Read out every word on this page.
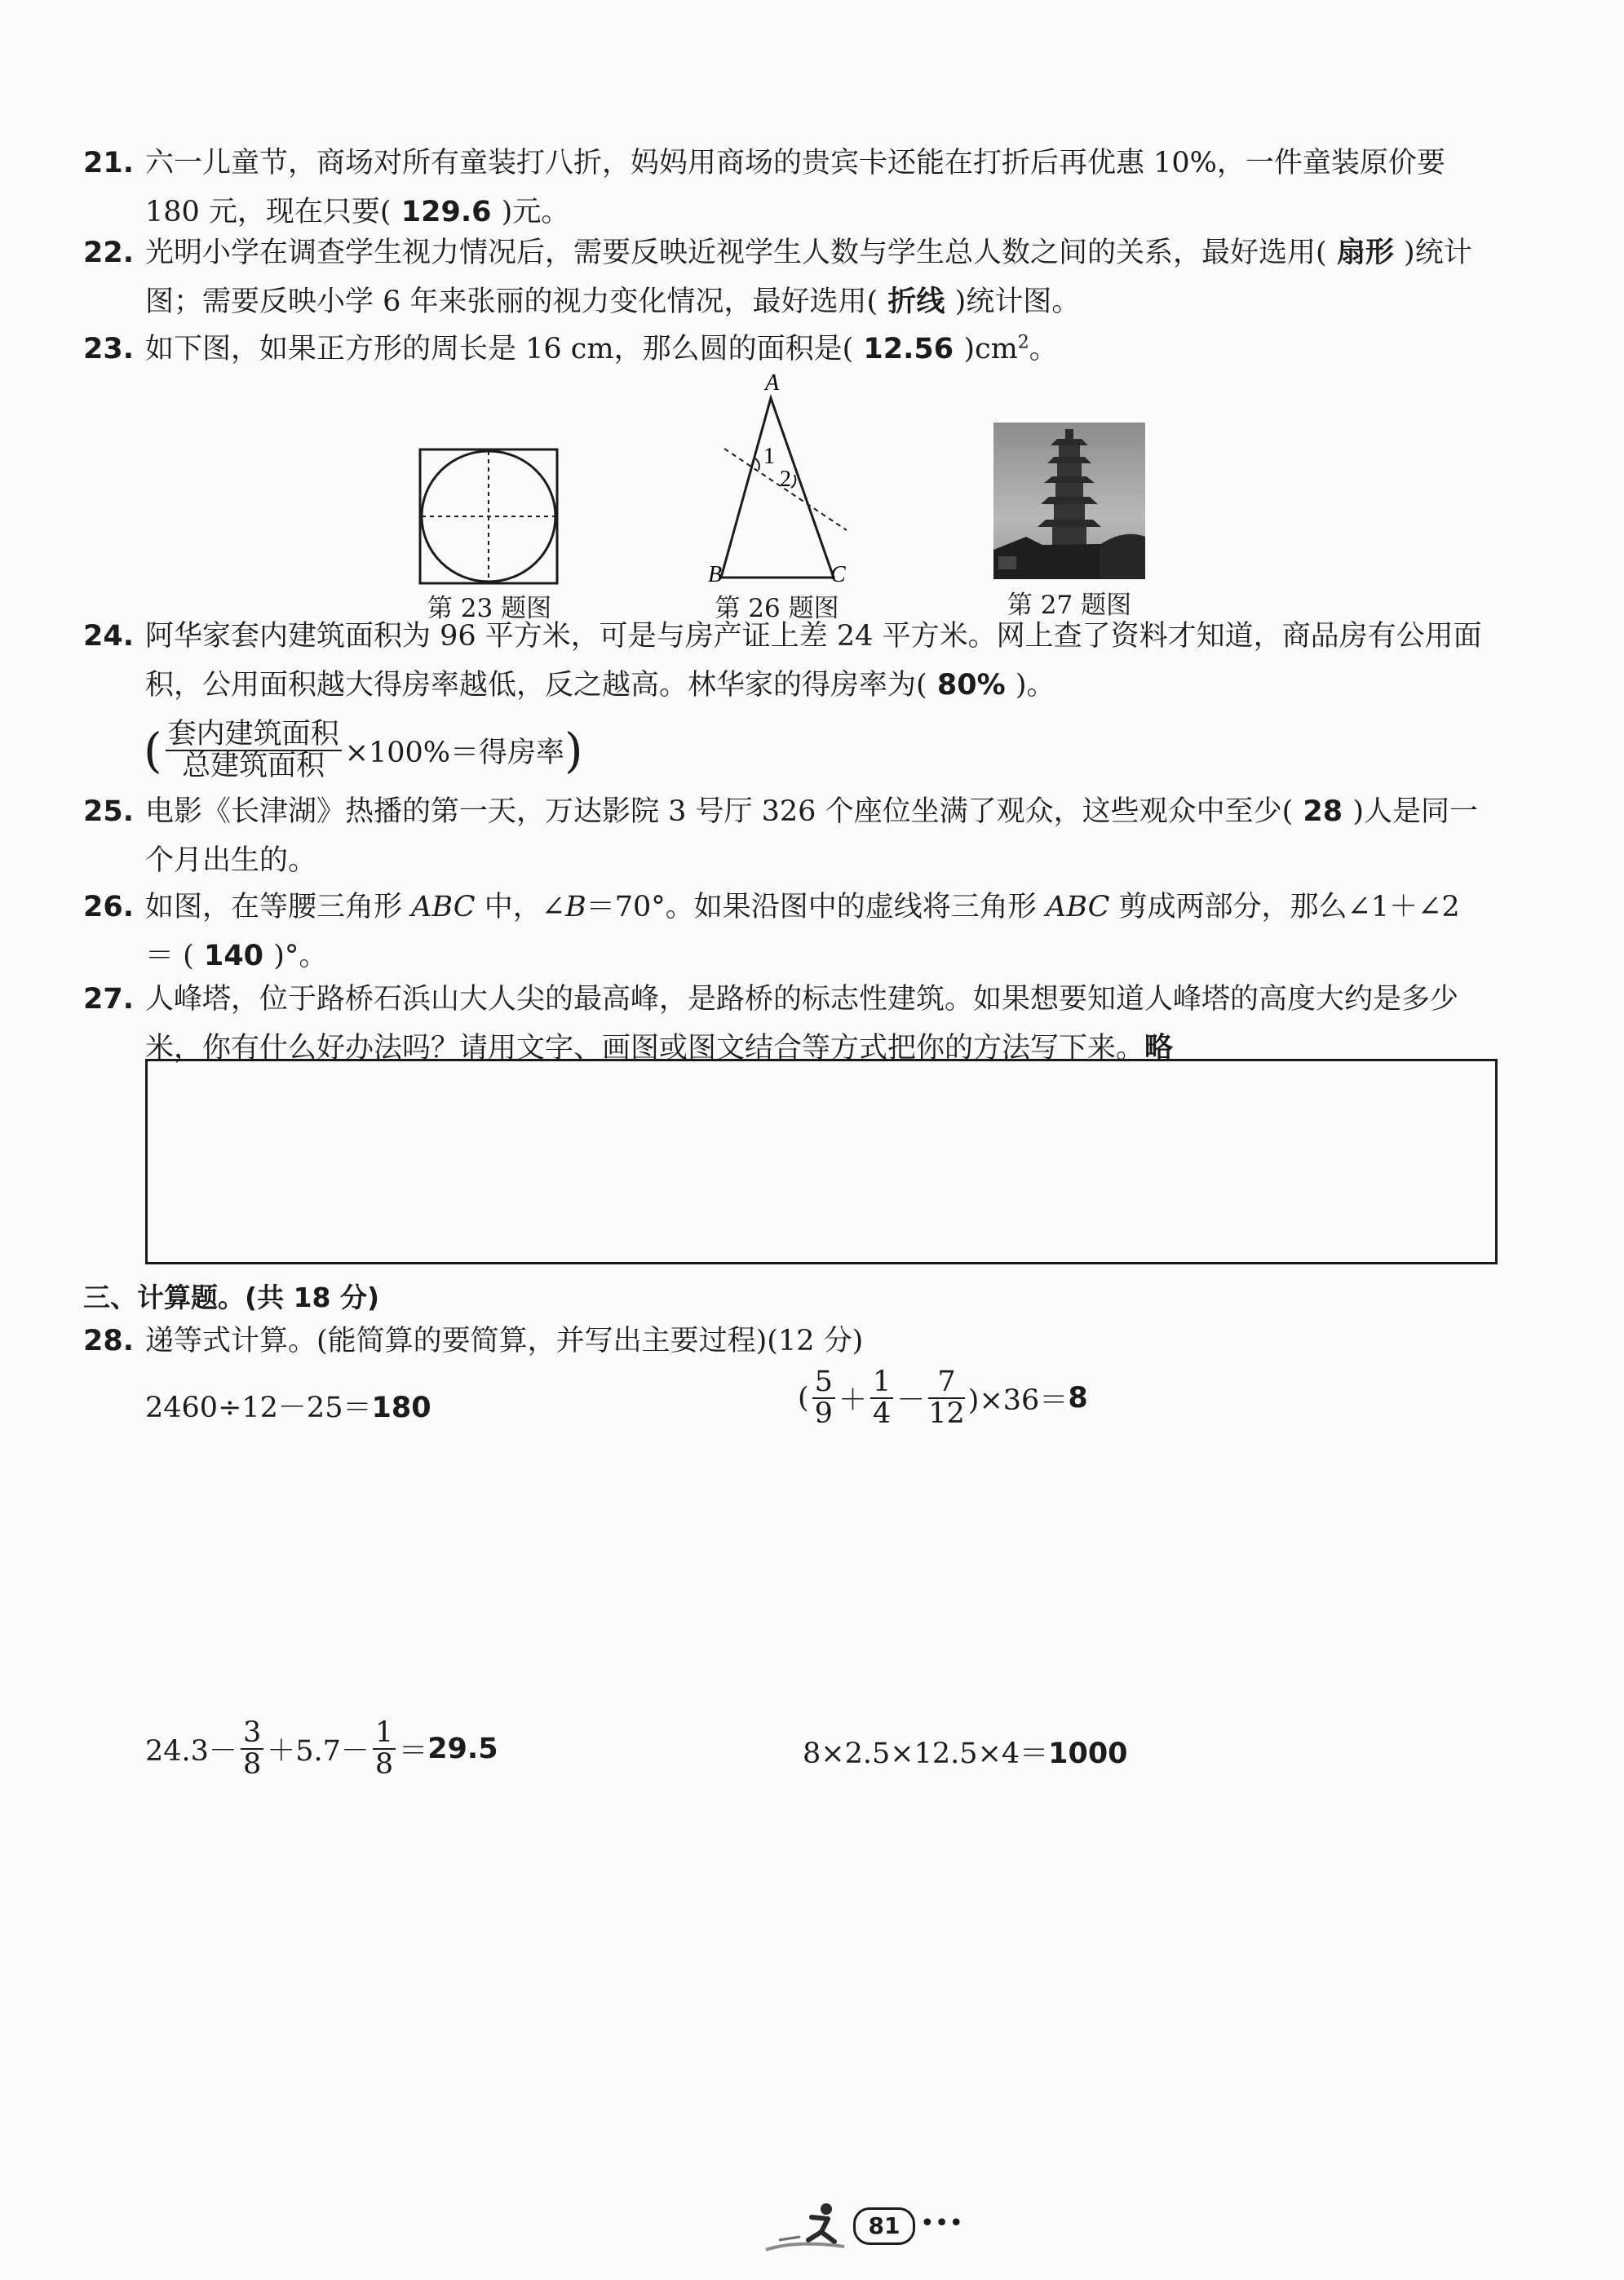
21. 六一儿童节，商场对所有童装打八折，妈妈用商场的贵宾卡还能在打折后再优惠 10%，一件童装原价要 180 元，现在只要( 129.6 )元。
22. 光明小学在调查学生视力情况后，需要反映近视学生人数与学生总人数之间的关系，最好选用( 扇形 )统计图；需要反映小学 6 年来张丽的视力变化情况，最好选用( 折线 )统计图。
23. 如下图，如果正方形的周长是 16 cm，那么圆的面积是( 12.56 )$cm^2$。
第 23 题图
A
B	C
1
2
第 26 题图	第 27 题图
24. 阿华家套内建筑面积为 96 平方米，可是与房产证上差 24 平方米。网上查了资料才知道，商品房有公用面积，公用面积越大得房率越低，反之越高。林华家的得房率为( 80% )。
( $\frac{\text{套内建筑面积}}{\text{总建筑面积}} \times 100\%=$得房率)
25. 电影《长津湖》热播的第一天，万达影院 3 号厅 326 个座位坐满了观众，这些观众中至少( 28 )人是同一个月出生的。
26. 如图，在等腰三角形 ABC 中，∠B＝70°。如果沿图中的虚线将三角形 ABC 剪成两部分，那么∠1＋∠2＝ ( 140 )°。
27. 人峰塔，位于路桥石浜山大人尖的最高峰，是路桥的标志性建筑。如果想要知道人峰塔的高度大约是多少米，你有什么好办法吗？请用文字、画图或图文结合等方式把你的方法写下来。略
三、计算题。(共 18 分)
28. 递等式计算。(能简算的要简算，并写出主要过程)(12 分)
2460÷12－25＝180	( $\frac{5}{9} + \frac{1}{4} - \frac{7}{12} )\times 36=8$
$24.3- \frac{3}{8} +5.7- \frac{1}{8} =29.5$	8×2.5×12.5×4＝1000
81 •••
